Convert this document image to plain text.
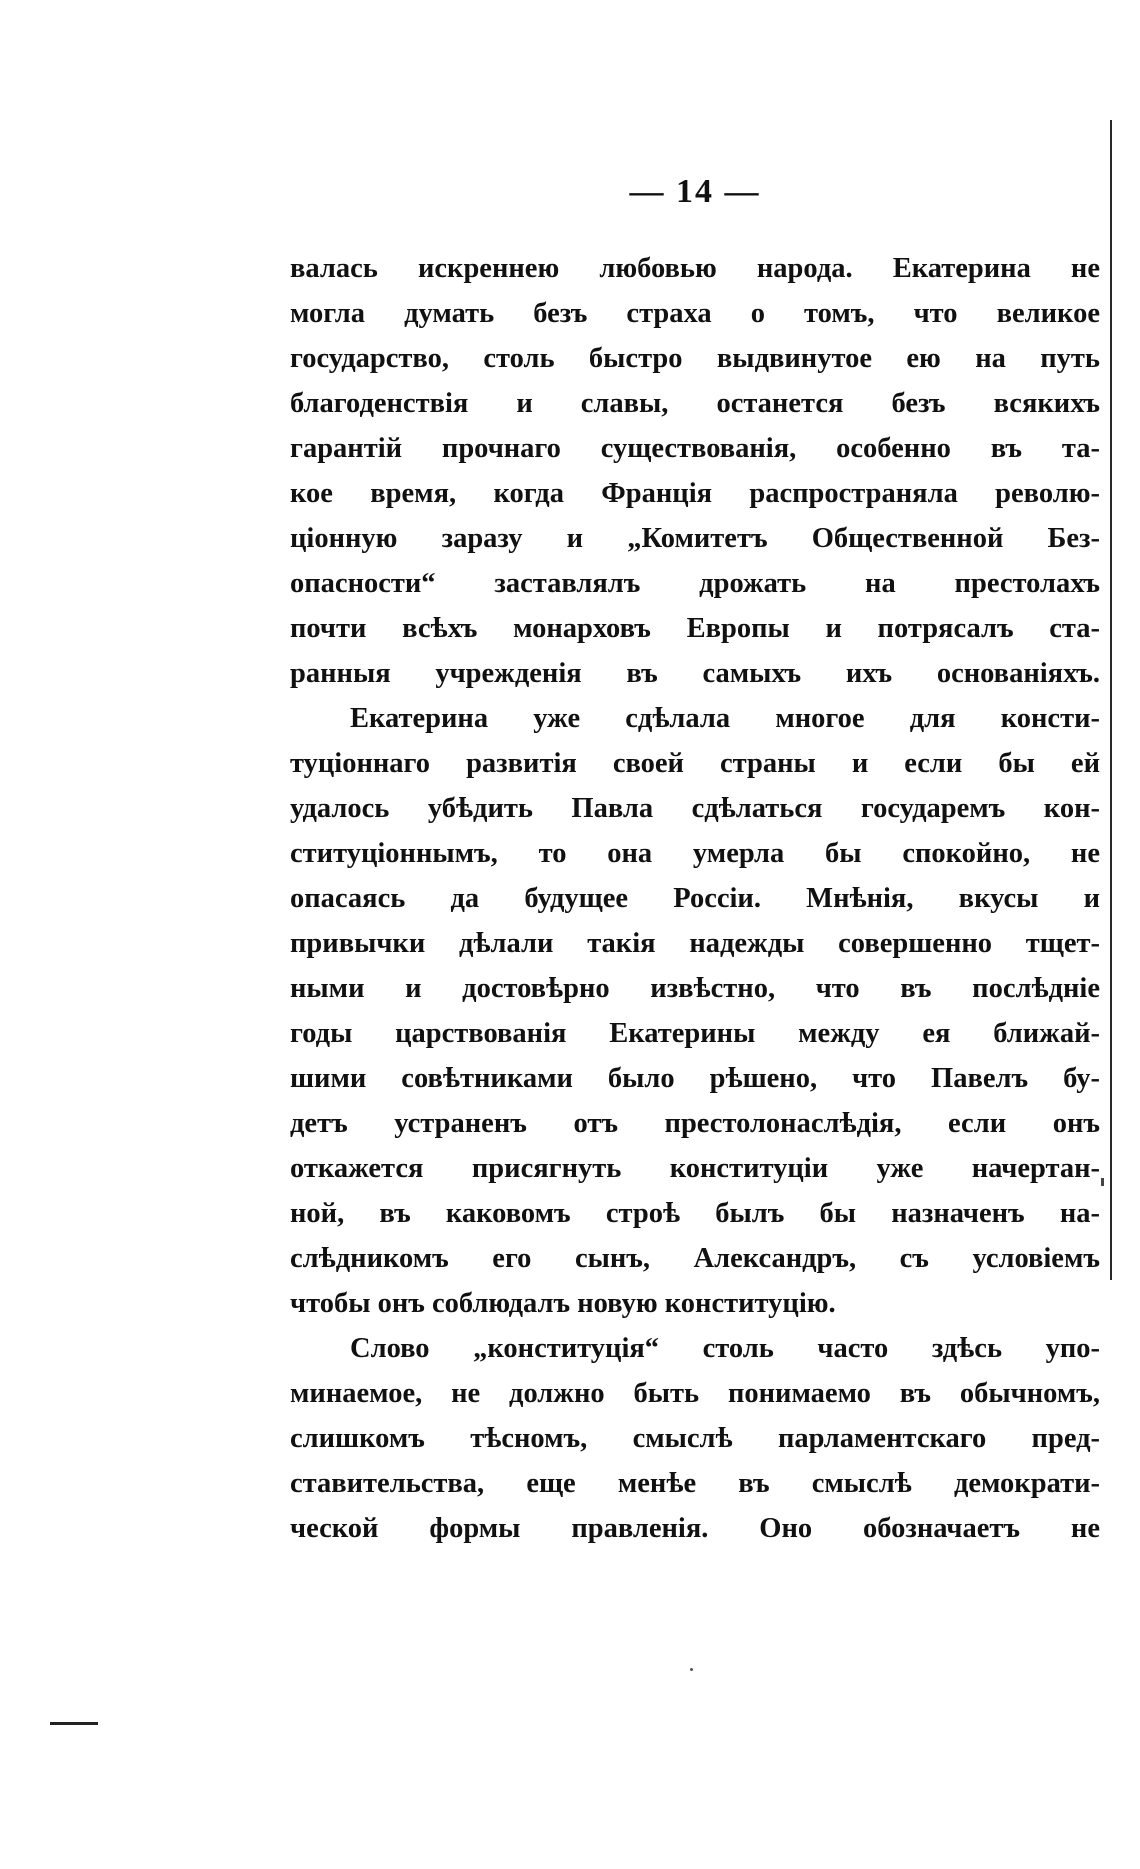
— 14 —
валась искреннею любовью народа. Екатерина не
могла думать безъ страха о томъ, что великое
государство, столь быстро выдвинутое ею на путь
благоденствія и славы, останется безъ всякихъ
гарантій прочнаго существованія, особенно въ та-
кое время, когда Франція распространяла револю-
ціонную заразу и „Комитетъ Общественной Без-
опасности“ заставлялъ дрожать на престолахъ
почти всѣхъ монарховъ Европы и потрясалъ ста-
ранныя учрежденія въ самыхъ ихъ основаніяхъ.
Екатерина уже сдѣлала многое для консти-
туціоннаго развитія своей страны и если бы ей
удалось убѣдить Павла сдѣлаться государемъ кон-
ституціоннымъ, то она умерла бы спокойно, не
опасаясь да будущее Россіи. Мнѣнія, вкусы и
привычки дѣлали такія надежды совершенно тщет-
ными и достовѣрно извѣстно, что въ послѣдніе
годы царствованія Екатерины между ея ближай-
шими совѣтниками было рѣшено, что Павелъ бу-
детъ устраненъ отъ престолонаслѣдія, если онъ
откажется присягнуть конституціи уже начертан-
ной, въ каковомъ строѣ былъ бы назначенъ на-
слѣдникомъ его сынъ, Александръ, съ условіемъ
чтобы онъ соблюдалъ новую конституцію.
Слово „конституція“ столь часто здѣсь упо-
минаемое, не должно быть понимаемо въ обычномъ,
слишкомъ тѣсномъ, смыслѣ парламентскаго пред-
ставительства, еще менѣе въ смыслѣ демократи-
ческой формы правленія. Оно обозначаетъ не
